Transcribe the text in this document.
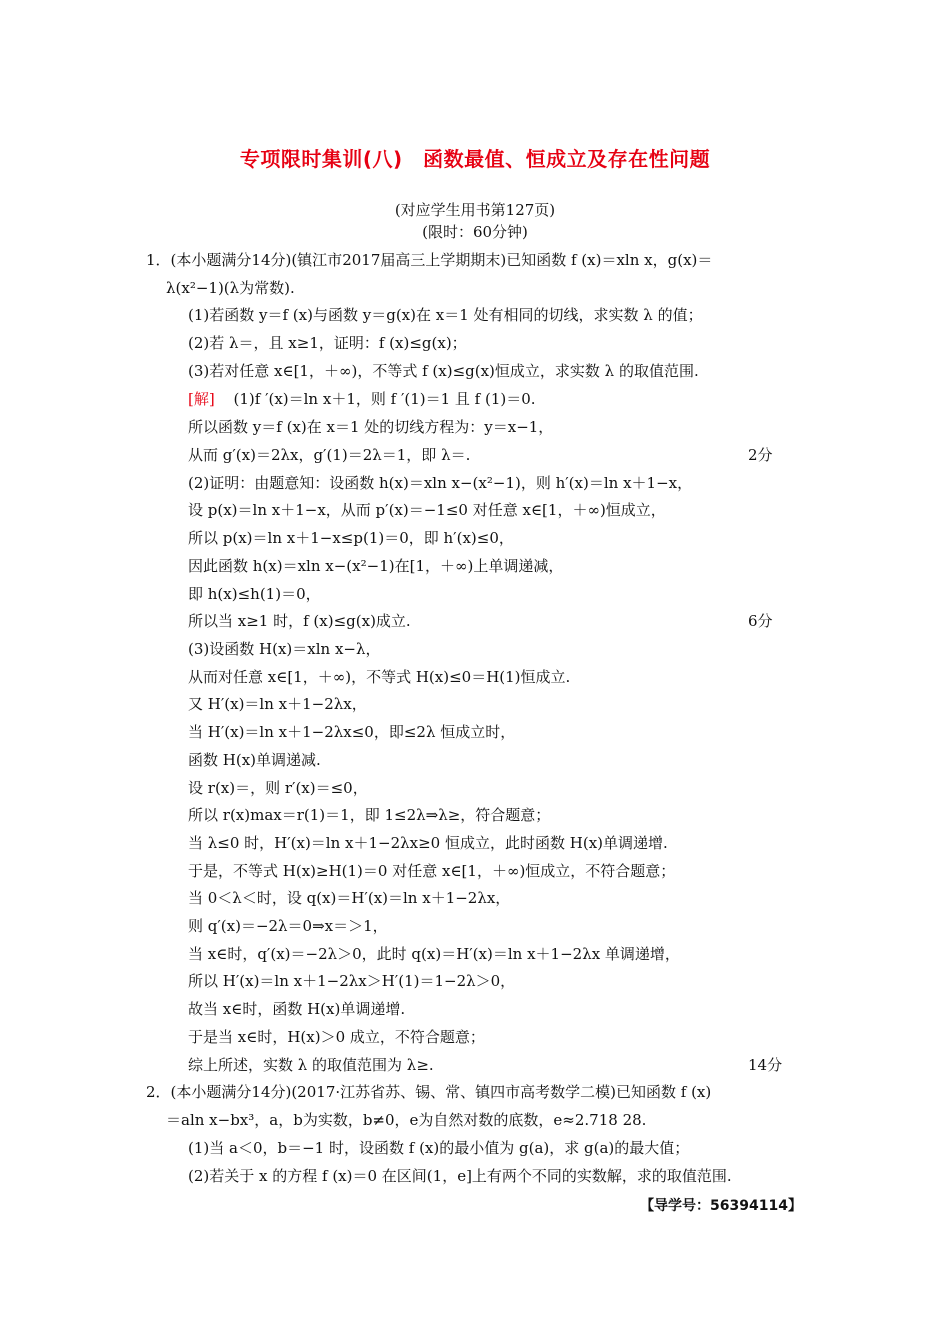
专项限时集训(八)　函数最值、恒成立及存在性问题
(对应学生用书第127页)
(限时：60分钟)
1．(本小题满分14分)(镇江市2017届高三上学期期末)已知函数 f (x)＝xln x，g(x)＝
λ(x²−1)(λ为常数).
(1)若函数 y＝f (x)与函数 y＝g(x)在 x＝1 处有相同的切线，求实数 λ 的值；
(2)若 λ＝，且 x≥1，证明：f (x)≤g(x)；
(3)若对任意 x∈[1，＋∞)，不等式 f (x)≤g(x)恒成立，求实数 λ 的取值范围.
[解] (1)f ′(x)＝ln x＋1，则 f ′(1)＝1 且 f (1)＝0.
所以函数 y＝f (x)在 x＝1 处的切线方程为：y＝x−1，
从而 g′(x)＝2λx，g′(1)＝2λ＝1，即 λ＝.	2分
(2)证明：由题意知：设函数 h(x)＝xln x−(x²−1)，则 h′(x)＝ln x＋1−x，
设 p(x)＝ln x＋1−x，从而 p′(x)＝−1≤0 对任意 x∈[1，＋∞)恒成立，
所以 p(x)＝ln x＋1−x≤p(1)＝0，即 h′(x)≤0，
因此函数 h(x)＝xln x−(x²−1)在[1，＋∞)上单调递减，
即 h(x)≤h(1)＝0，
所以当 x≥1 时，f (x)≤g(x)成立.	6分
(3)设函数 H(x)＝xln x−λ，
从而对任意 x∈[1，＋∞)，不等式 H(x)≤0＝H(1)恒成立.
又 H′(x)＝ln x＋1−2λx，
当 H′(x)＝ln x＋1−2λx≤0，即≤2λ 恒成立时，
函数 H(x)单调递减.
设 r(x)＝，则 r′(x)＝≤0，
所以 r(x)max＝r(1)＝1，即 1≤2λ⇒λ≥，符合题意；
当 λ≤0 时，H′(x)＝ln x＋1−2λx≥0 恒成立，此时函数 H(x)单调递增.
于是，不等式 H(x)≥H(1)＝0 对任意 x∈[1，＋∞)恒成立，不符合题意；
当 0＜λ＜时，设 q(x)＝H′(x)＝ln x＋1−2λx，
则 q′(x)＝−2λ＝0⇒x＝＞1，
当 x∈时，q′(x)＝−2λ＞0，此时 q(x)＝H′(x)＝ln x＋1−2λx 单调递增，
所以 H′(x)＝ln x＋1−2λx＞H′(1)＝1−2λ＞0，
故当 x∈时，函数 H(x)单调递增.
于是当 x∈时，H(x)＞0 成立，不符合题意；
综上所述，实数 λ 的取值范围为 λ≥.	14分
2．(本小题满分14分)(2017·江苏省苏、锡、常、镇四市高考数学二模)已知函数 f (x)
＝aln x−bx³，a，b为实数，b≠0，e为自然对数的底数，e≈2.718 28.
(1)当 a＜0，b＝−1 时，设函数 f (x)的最小值为 g(a)，求 g(a)的最大值；
(2)若关于 x 的方程 f (x)＝0 在区间(1，e]上有两个不同的实数解，求的取值范围.
【导学号：56394114】
